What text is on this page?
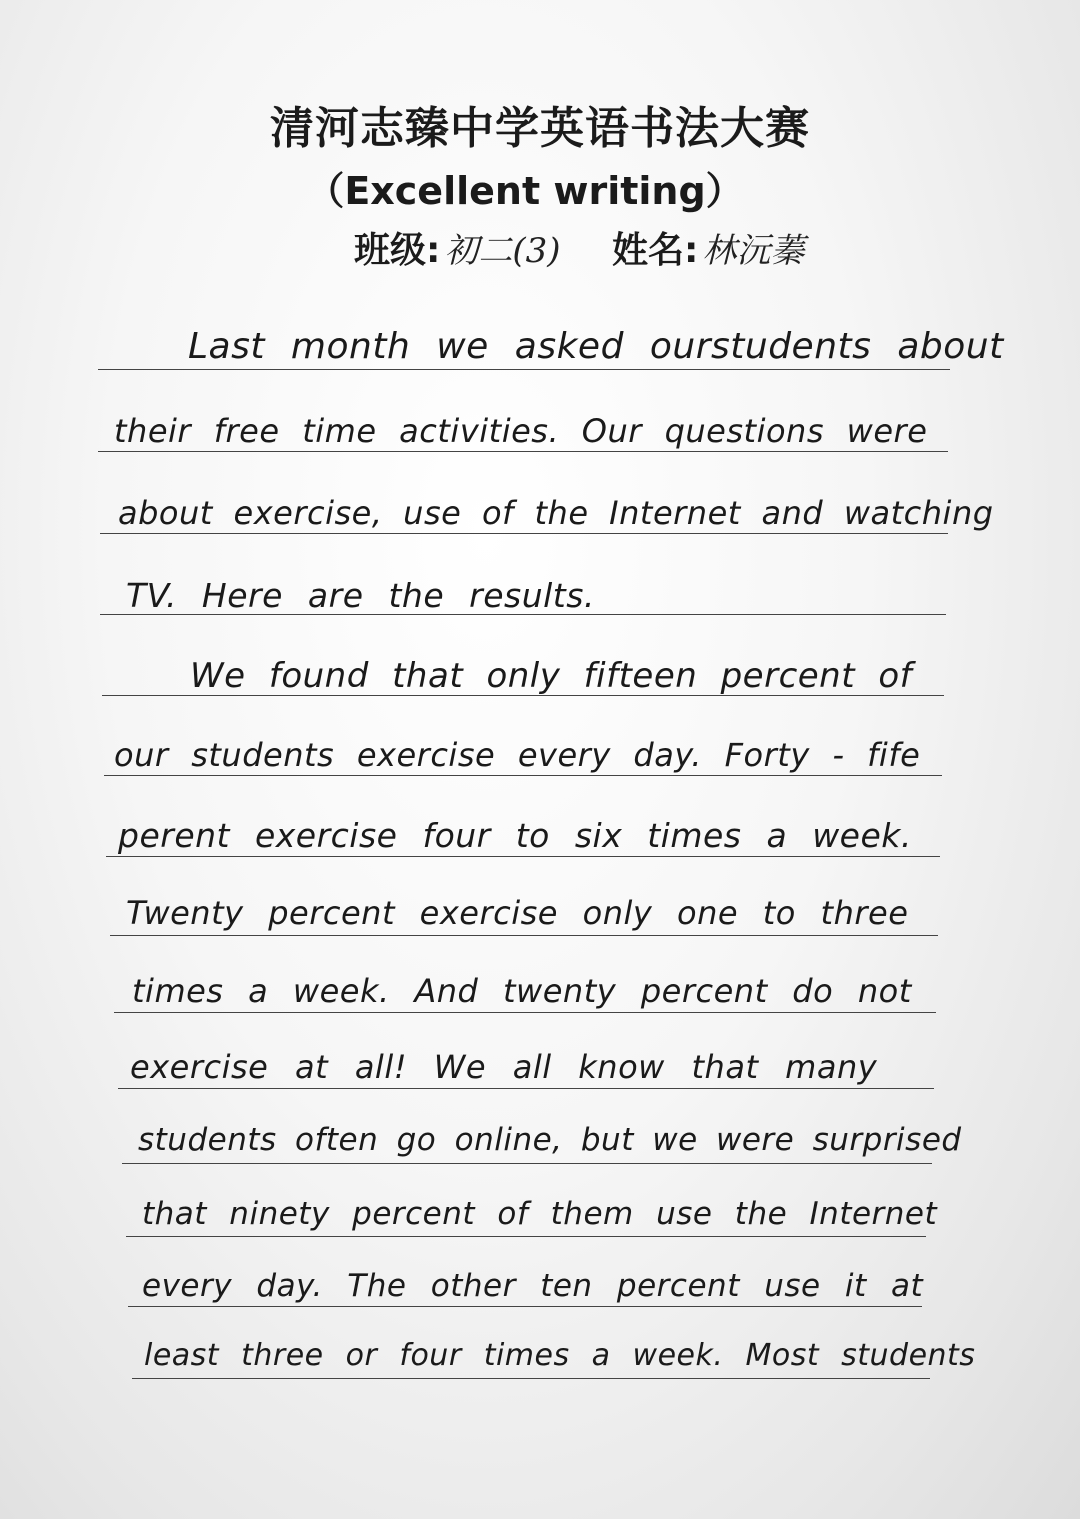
清河志臻中学英语书法大赛
（Excellent writing）
班级: 初二(3) 姓名: 林沅蓁
Last month we asked ourstudents about
their free time activities. Our questions were
about exercise, use of the Internet and watching
TV. Here are the results.
We found that only fifteen percent of
our students exercise every day. Forty - fife
perent exercise four to six times a week.
Twenty percent exercise only one to three
times a week. And twenty percent do not
exercise at all! We all know that many
students often go online, but we were surprised
that ninety percent of them use the Internet
every day. The other ten percent use it at
least three or four times a week. Most students
